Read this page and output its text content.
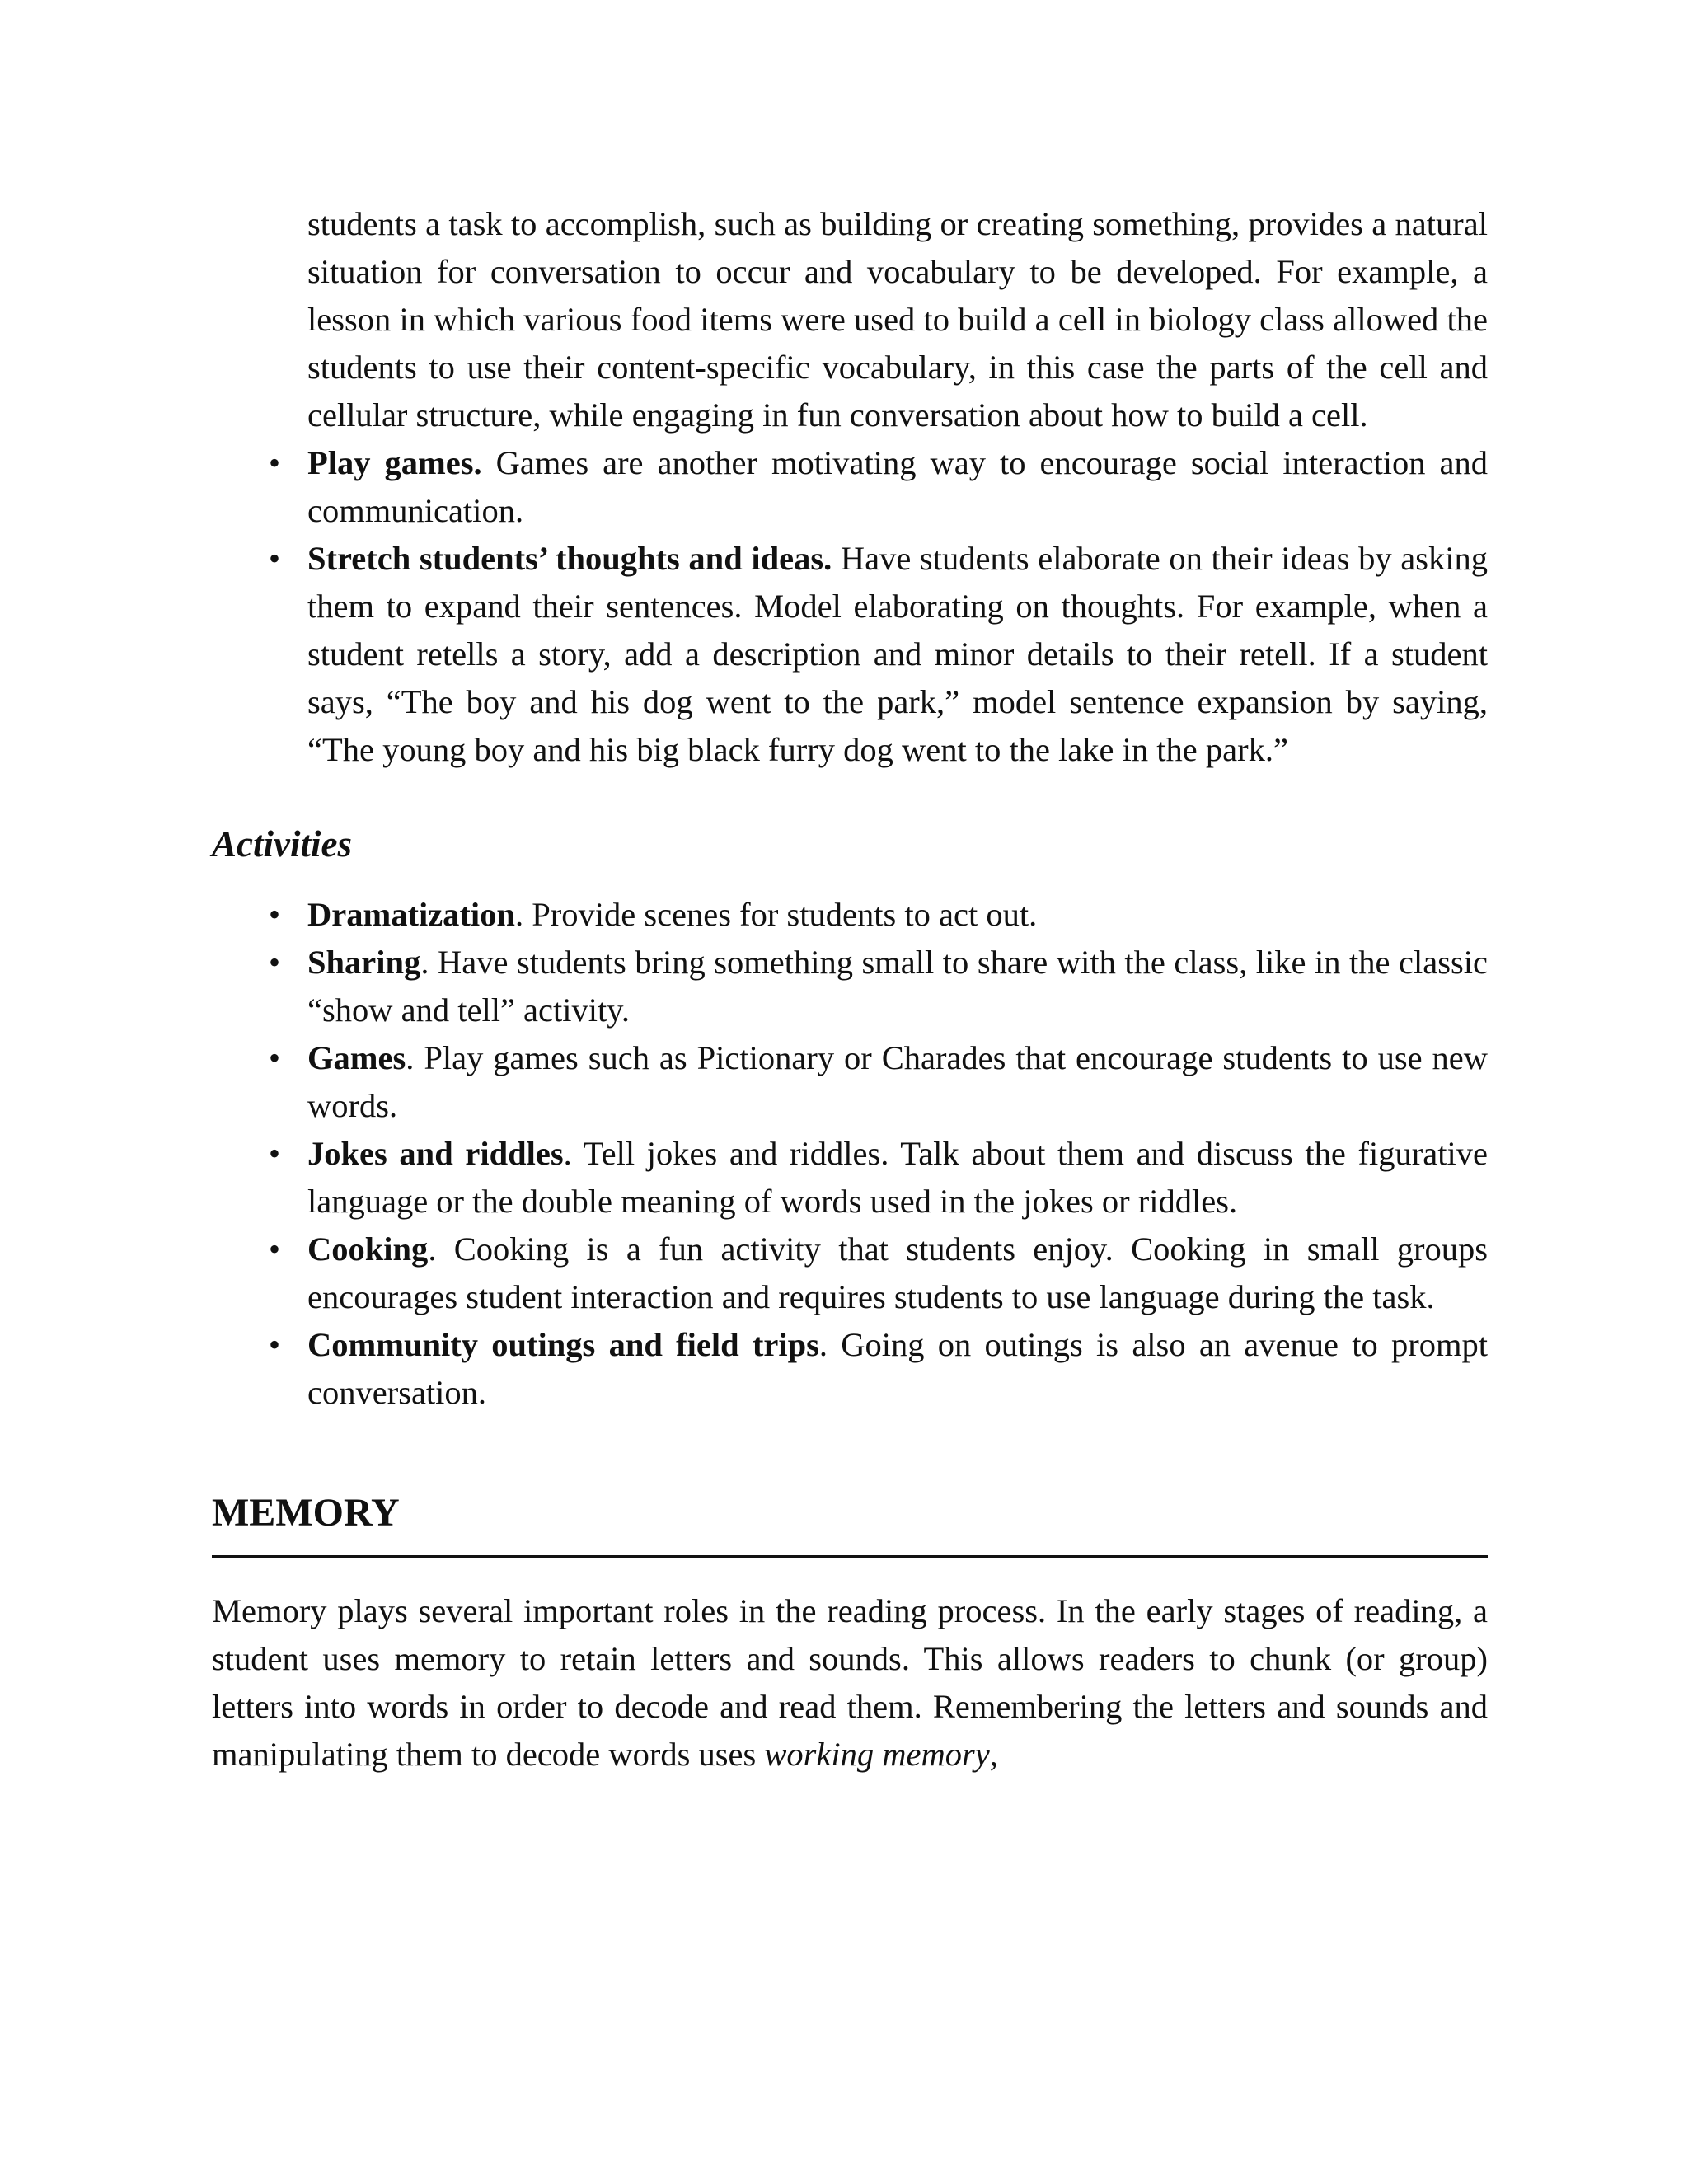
students a task to accomplish, such as building or creating something, provides a natural situation for conversation to occur and vocabulary to be developed. For example, a lesson in which various food items were used to build a cell in biology class allowed the students to use their content-specific vocabulary, in this case the parts of the cell and cellular structure, while engaging in fun conversation about how to build a cell.

• Play games. Games are another motivating way to encourage social interaction and communication.
• Stretch students’ thoughts and ideas. Have students elaborate on their ideas by asking them to expand their sentences. Model elaborating on thoughts. For example, when a student retells a story, add a description and minor details to their retell. If a student says, “The boy and his dog went to the park,” model sentence expansion by saying, “The young boy and his big black furry dog went to the lake in the park.”
Activities
• Dramatization. Provide scenes for students to act out.
• Sharing. Have students bring something small to share with the class, like in the classic “show and tell” activity.
• Games. Play games such as Pictionary or Charades that encourage students to use new words.
• Jokes and riddles. Tell jokes and riddles. Talk about them and discuss the figurative language or the double meaning of words used in the jokes or riddles.
• Cooking. Cooking is a fun activity that students enjoy. Cooking in small groups encourages student interaction and requires students to use language during the task.
• Community outings and field trips. Going on outings is also an avenue to prompt conversation.
MEMORY

Memory plays several important roles in the reading process. In the early stages of reading, a student uses memory to retain letters and sounds. This allows readers to chunk (or group) letters into words in order to decode and read them. Remembering the letters and sounds and manipulating them to decode words uses working memory,
